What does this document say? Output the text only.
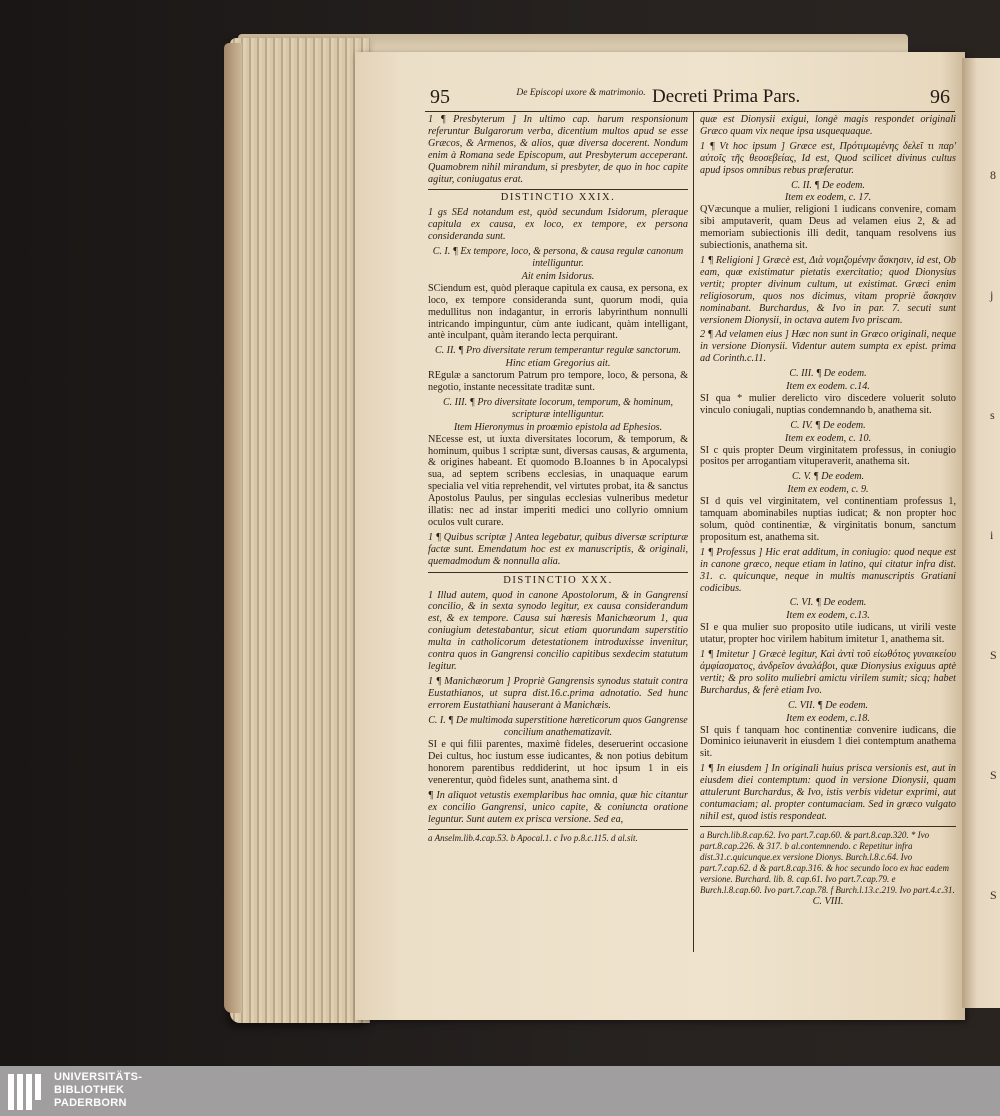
8
j
s
i
S
S
S
95	De Episcopi uxore & matrimonio. Decreti Prima Pars.	96
1 ¶ Presbyterum ] In ultimo cap. harum responsionum referuntur Bulgarorum verba, dicentium multos apud se esse Græcos, & Armenos, & alios, quæ diversa docerent. Nondum enim à Romana sede Episcopum, aut Presbyterum acceperant. Quamobrem nihil mirandum, si presbyter, de quo in hoc capite agitur, coniugatus erat.
DISTINCTIO XXIX.
1 gs SEd notandum est, quòd secundum Isidorum, pleraque capitula ex causa, ex loco, ex tempore, ex persona consideranda sunt.
C. I. ¶ Ex tempore, loco, & persona, & causa regulæ canonum intelliguntur.
Ait enim Isidorus.
SCiendum est, quòd pleraque capitula ex causa, ex persona, ex loco, ex tempore consideranda sunt, quorum modi, quia medullitus non indagantur, in erroris labyrinthum nonnulli intricando impinguntur, cùm ante iudicant, quàm intelligant, antè inculpant, quàm iterando lecta perquirant.
C. II. ¶ Pro diversitate rerum temperantur regulæ sanctorum.
Hinc etiam Gregorius ait.
REgulæ a sanctorum Patrum pro tempore, loco, & persona, & negotio, instante necessitate traditæ sunt.
C. III. ¶ Pro diversitate locorum, temporum, & hominum, scripturæ intelliguntur.
Item Hieronymus in proœmio epistola ad Ephesios.
NEcesse est, ut iuxta diversitates locorum, & temporum, & hominum, quibus 1 scriptæ sunt, diversas causas, & argumenta, & origines habeant. Et quomodo B.Ioannes b in Apocalypsi sua, ad septem scribens ecclesias, in unaquaque earum specialia vel vitia reprehendit, vel virtutes probat, ita & sanctus Apostolus Paulus, per singulas ecclesias vulneribus medetur illatis: nec ad instar imperiti medici uno collyrio omnium oculos vult curare.
1 ¶ Quibus scriptæ ] Antea legebatur, quibus diversæ scripturæ factæ sunt. Emendatum hoc est ex manuscriptis, & originali, quemadmodum & nonnulla alia.
DISTINCTIO XXX.
1 Illud autem, quod in canone Apostolorum, & in Gangrensi concilio, & in sexta synodo legitur, ex causa considerandum est, & ex tempore. Causa sui hæresis Manichæorum 1, qua coniugium detestabantur, sicut etiam quorundam superstitio multa in catholicorum detestationem introduxisse invenitur, contra quos in Gangrensi concilio capitibus sexdecim statutum legitur.
1 ¶ Manichæorum ] Propriè Gangrensis synodus statuit contra Eustathianos, ut supra dist.16.c.prima adnotatio. Sed hunc errorem Eustathiani hauserant à Manichæis.
C. I. ¶ De multimoda superstitione hæreticorum quos Gangrense concilium anathematizavit.
SI e qui filii parentes, maximè fideles, deseruerint occasione Dei cultus, hoc iustum esse iudicantes, & non potius debitum honorem parentibus reddiderint, ut hoc ipsum 1 in eis venerentur, quòd fideles sunt, anathema sint. d
¶ In aliquot vetustis exemplaribus hac omnia, quæ hic citantur ex concilio Gangrensi, unico capite, & coniuncta oratione leguntur. Sunt autem ex prisca versione. Sed ea,
a Anselm.lib.4.cap.53. b Apocal.1. c Ivo p.8.c.115. d al.sit.
quæ est Dionysii exigui, longè magis respondet originali Græco quam vix neque ipsa usquequaque.
1 ¶ Vt hoc ipsum ] Græce est, Πρότιμωμένης δελεῖ τι παρ' αὐτοῖς τῆς θεοσεβείας, Id est, Quod scilicet divinus cultus apud ipsos omnibus rebus præferatur.
C. II. ¶ De eodem.
Item ex eodem, c. 17.
QVæcunque a mulier, religioni 1 iudicans convenire, comam sibi amputaverit, quam Deus ad velamen eius 2, & ad memoriam subiectionis illi dedit, tanquam resolvens ius subiectionis, anathema sit.
1 ¶ Religioni ] Græcè est, Διὰ νομιζομένην ἄσκησιν, id est, Ob eam, quæ existimatur pietatis exercitatio; quod Dionysius vertit; propter divinum cultum, ut existimat. Græci enim religiosorum, quos nos dicimus, vitam propriè ἄσκησιν nominabant. Burchardus, & Ivo in par. 7. secuti sunt versionem Dionysii, in octava autem Ivo priscam.
2 ¶ Ad velamen eius ] Hæc non sunt in Græco originali, neque in versione Dionysii. Videntur autem sumpta ex epist. prima ad Corinth.c.11.
C. III. ¶ De eodem.
Item ex eodem. c.14.
SI qua * mulier derelicto viro discedere voluerit soluto vinculo coniugali, nuptias condemnando b, anathema sit.
C. IV. ¶ De eodem.
Item ex eodem, c. 10.
SI c quis propter Deum virginitatem professus, in coniugio positos per arrogantiam vituperaverit, anathema sit.
C. V. ¶ De eodem.
Item ex eodem, c. 9.
SI d quis vel virginitatem, vel continentiam professus 1, tamquam abominabiles nuptias iudicat; & non propter hoc solum, quòd continentiæ, & virginitatis bonum, sanctum propositum est, anathema sit.
1 ¶ Professus ] Hic erat additum, in coniugio: quod neque est in canone græco, neque etiam in latino, qui citatur infra dist. 31. c. quicunque, neque in multis manuscriptis Gratiani codicibus.
C. VI. ¶ De eodem.
Item ex eodem, c.13.
SI e qua mulier suo proposito utile iudicans, ut virili veste utatur, propter hoc virilem habitum imitetur 1, anathema sit.
1 ¶ Imitetur ] Græcè legitur, Καὶ ἀντὶ τοῦ εἰωθότος γυναικείου ἀμφίασματος, ἀνδρεῖον ἀναλάβοι, quæ Dionysius exiguus aptè vertit; & pro solito muliebri amictu virilem sumit; sicq; habet Burchardus, & ferè etiam Ivo.
C. VII. ¶ De eodem.
Item ex eodem, c.18.
SI quis f tanquam hoc continentiæ convenire iudicans, die Dominico ieiunaverit in eiusdem 1 diei contemptum anathema sit.
1 ¶ In eiusdem ] In originali huius prisca versionis est, aut in eiusdem diei contemptum: quod in versione Dionysii, quam attulerunt Burchardus, & Ivo, istis verbis videtur exprimi, aut contumaciam; al. propter contumaciam. Sed in græco vulgato nihil est, quod istis respondeat.
a Burch.lib.8.cap.62. Ivo part.7.cap.60. & part.8.cap.320. * Ivo part.8.cap.226. & 317. b al.contemnendo. c Repetitur infra dist.31.c.quicunque.ex versione Dionys. Burch.l.8.c.64. Ivo part.7.cap.62. d & part.8.cap.316. & hoc secundo loco ex hac eadem versione. Burchard. lib. 8. cap.61. Ivo part.7.cap.79. e Burch.l.8.cap.60. Ivo part.7.cap.78. f Burch.l.13.c.219. Ivo part.4.c.31.
C. VIII.
UNIVERSITÄTS-
BIBLIOTHEK
PADERBORN
